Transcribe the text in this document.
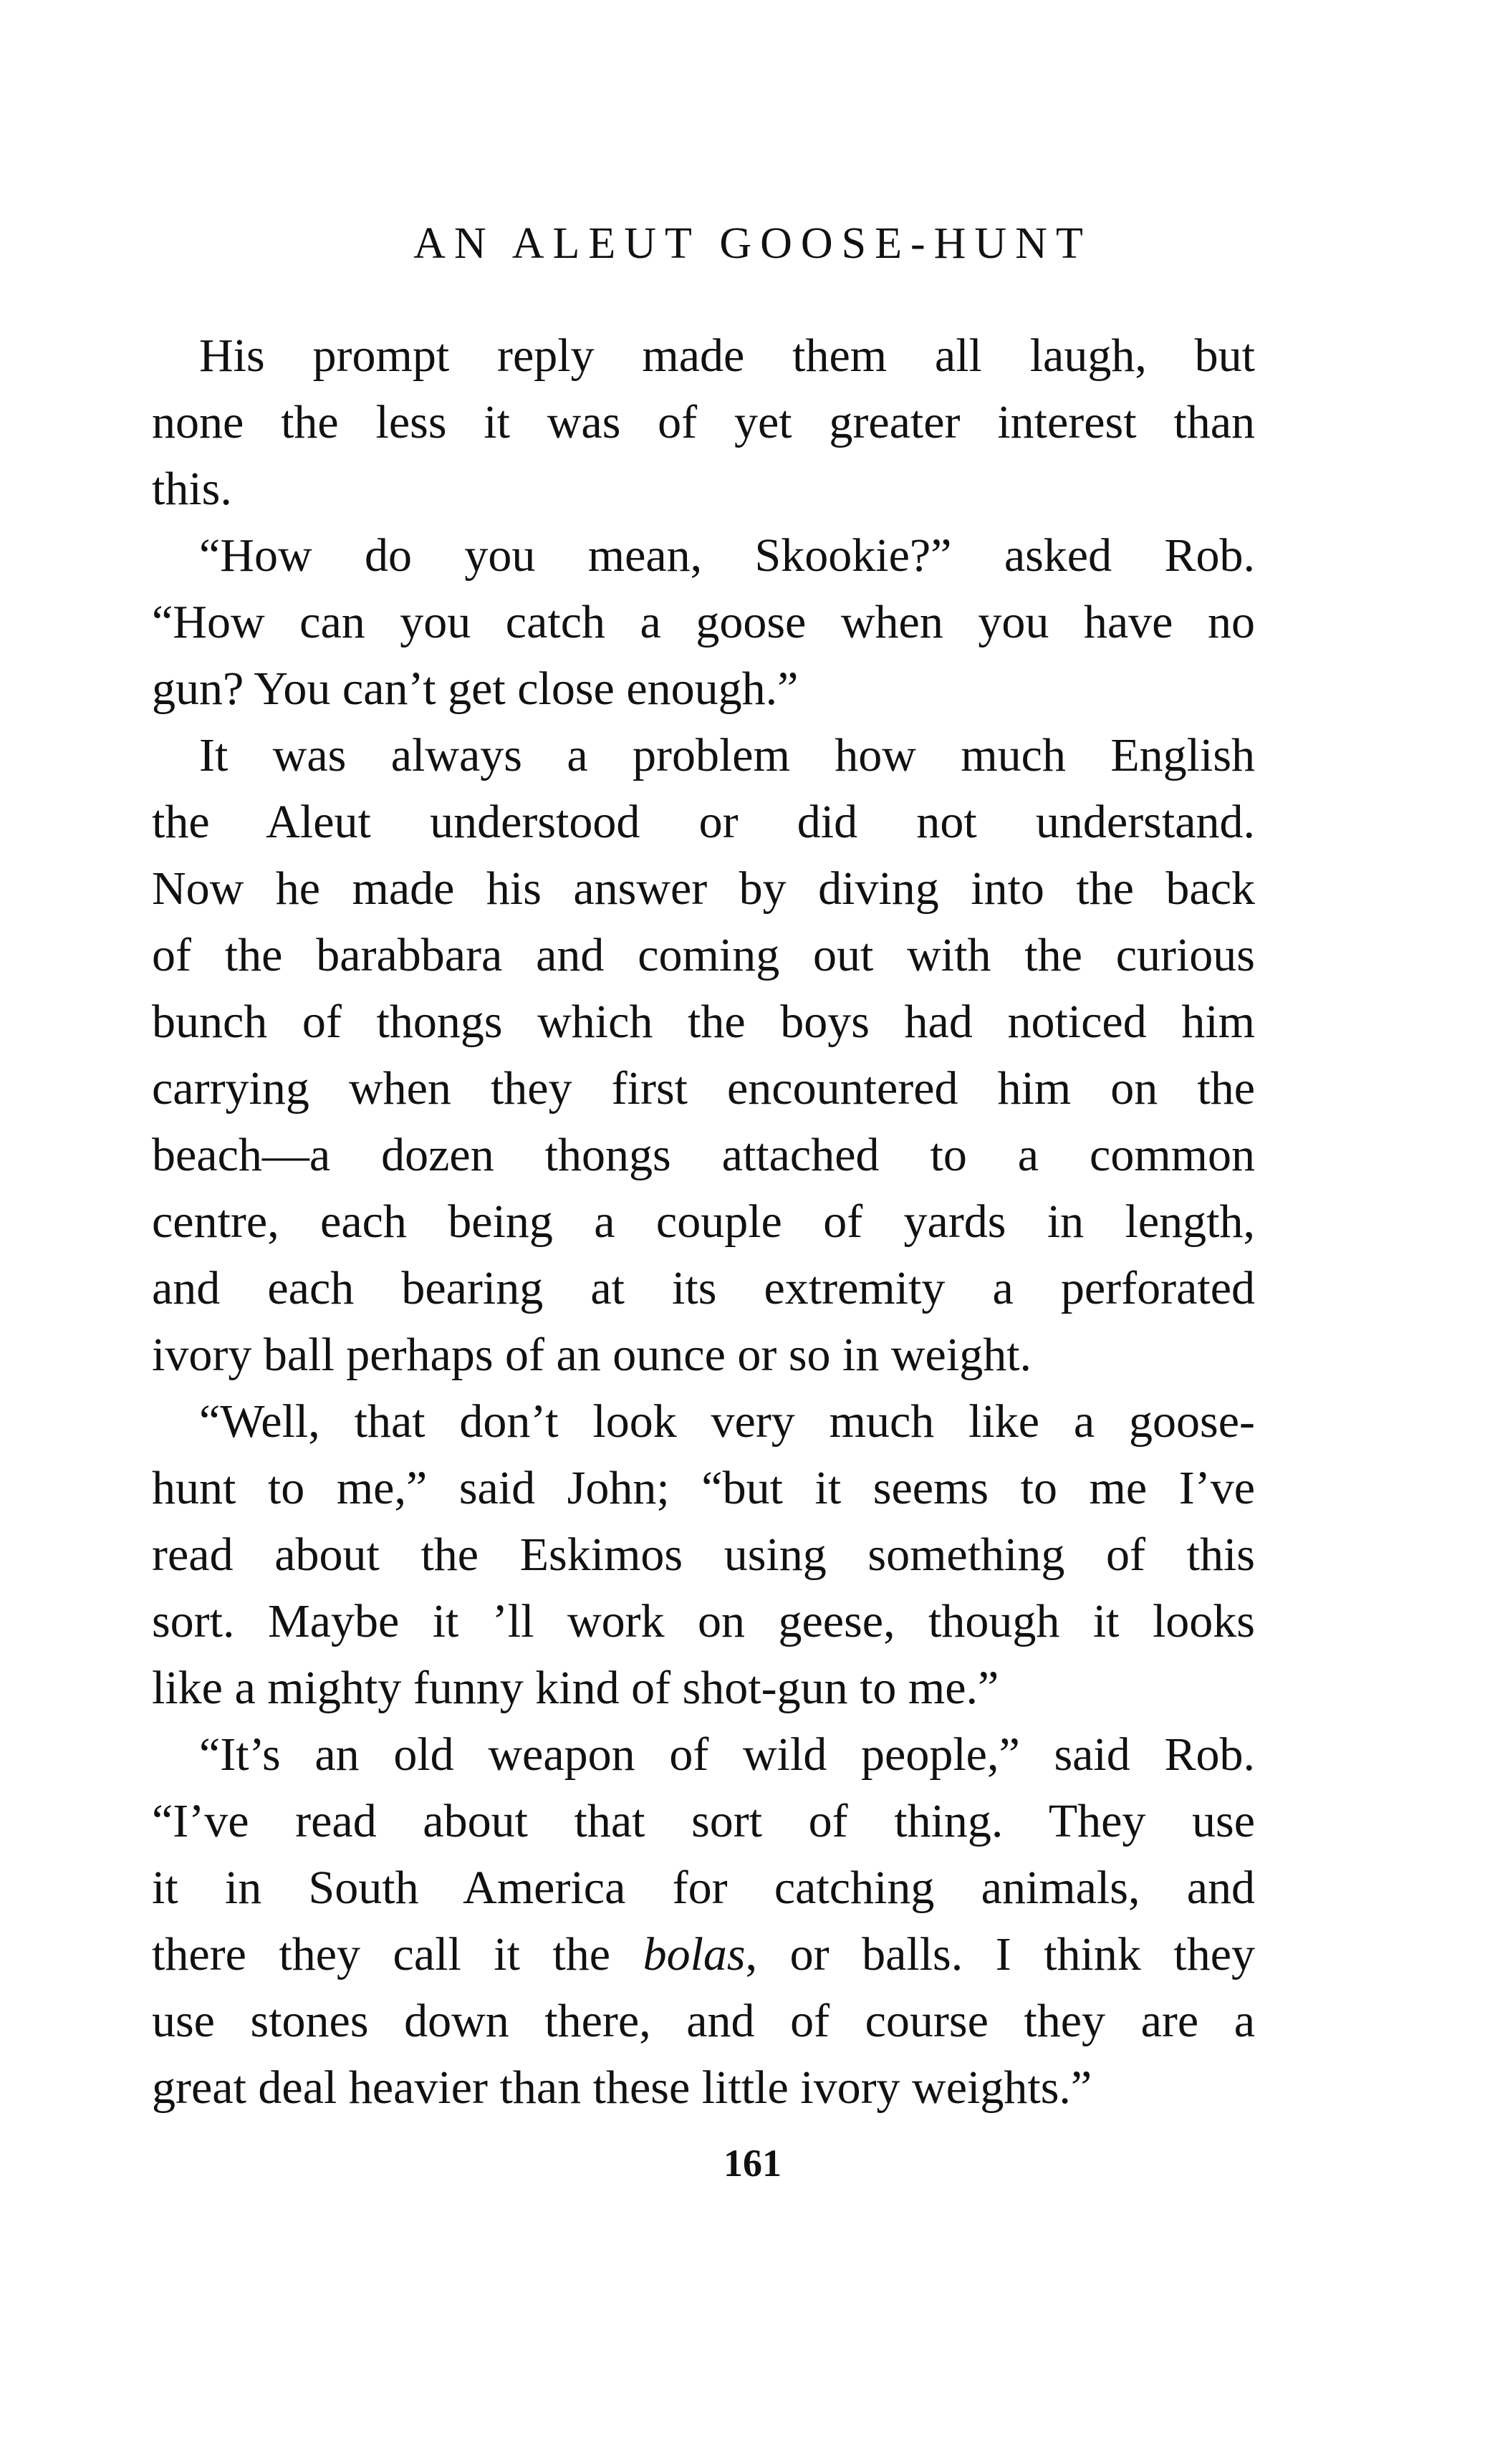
AN ALEUT GOOSE-HUNT
His prompt reply made them all laugh, but
none the less it was of yet greater interest than
this.
“How do you mean, Skookie?” asked Rob.
“How can you catch a goose when you have no
gun? You can’t get close enough.”
It was always a problem how much English
the Aleut understood or did not understand.
Now he made his answer by diving into the back
of the barabbara and coming out with the curious
bunch of thongs which the boys had noticed him
carrying when they first encountered him on the
beach—a dozen thongs attached to a common
centre, each being a couple of yards in length,
and each bearing at its extremity a perforated
ivory ball perhaps of an ounce or so in weight.
“Well, that don’t look very much like a goose-
hunt to me,” said John; “but it seems to me I’ve
read about the Eskimos using something of this
sort. Maybe it ’ll work on geese, though it looks
like a mighty funny kind of shot-gun to me.”
“It’s an old weapon of wild people,” said Rob.
“I’ve read about that sort of thing. They use
it in South America for catching animals, and
there they call it the bolas, or balls. I think they
use stones down there, and of course they are a
great deal heavier than these little ivory weights.”
161
